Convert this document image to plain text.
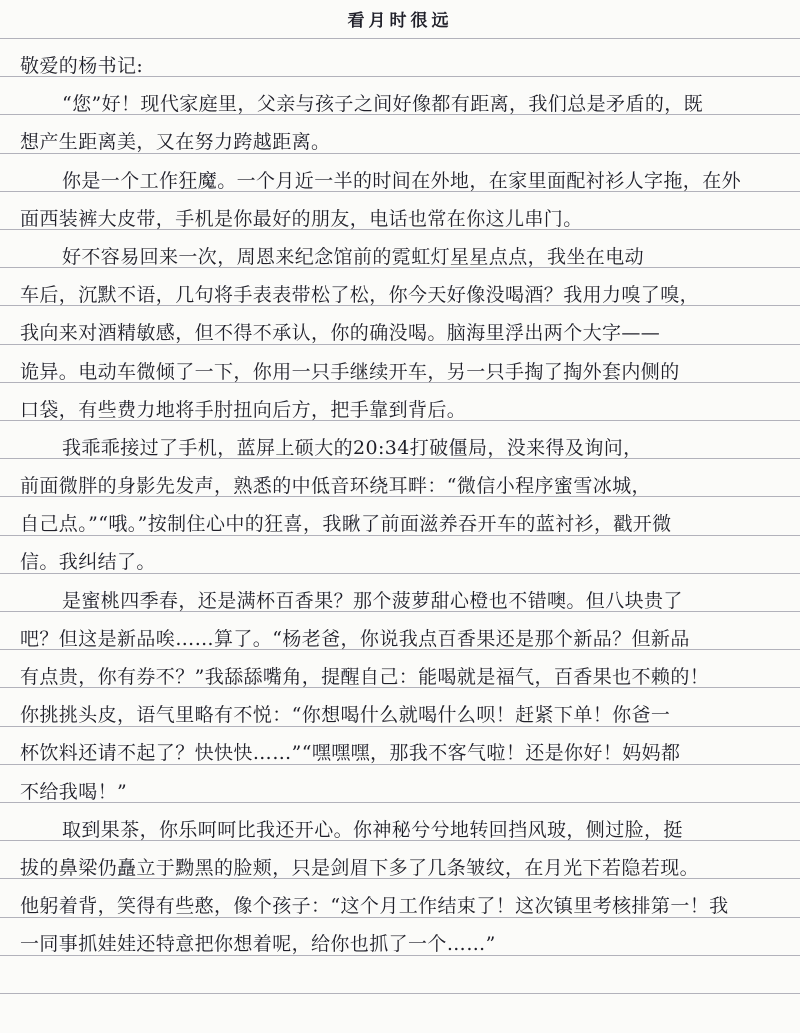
看月时很远
敬爱的杨书记:
“您”好！现代家庭里，父亲与孩子之间好像都有距离，我们总是矛盾的，既
想产生距离美，又在努力跨越距离。
你是一个工作狂魔。一个月近一半的时间在外地，在家里面配衬衫人字拖，在外
面西装裤大皮带，手机是你最好的朋友，电话也常在你这儿串门。
好不容易回来一次，周恩来纪念馆前的霓虹灯星星点点，我坐在电动
车后，沉默不语，几句将手表表带松了松，你今天好像没喝酒？我用力嗅了嗅，
我向来对酒精敏感，但不得不承认，你的确没喝。脑海里浮出两个大字——
诡异。电动车微倾了一下，你用一只手继续开车，另一只手掏了掏外套内侧的
口袋，有些费力地将手肘扭向后方，把手靠到背后。
我乖乖接过了手机，蓝屏上硕大的20:34打破僵局，没来得及询问，
前面微胖的身影先发声，熟悉的中低音环绕耳畔：“微信小程序蜜雪冰城，
自己点。”“哦。”按制住心中的狂喜，我瞅了前面滋养吞开车的蓝衬衫，戳开微
信。我纠结了。
是蜜桃四季春，还是满杯百香果？那个菠萝甜心橙也不错噢。但八块贵了
吧？但这是新品唉……算了。“杨老爸，你说我点百香果还是那个新品？但新品
有点贵，你有券不？”我舔舔嘴角，提醒自己：能喝就是福气，百香果也不赖的！
你挑挑头皮，语气里略有不悦：“你想喝什么就喝什么呗！赶紧下单！你爸一
杯饮料还请不起了？快快快……”“嘿嘿嘿，那我不客气啦！还是你好！妈妈都
不给我喝！”
取到果茶，你乐呵呵比我还开心。你神秘兮兮地转回挡风玻，侧过脸，挺
拔的鼻梁仍矗立于黝黑的脸颊，只是剑眉下多了几条皱纹，在月光下若隐若现。
他躬着背，笑得有些憨，像个孩子：“这个月工作结束了！这次镇里考核排第一！我
一同事抓娃娃还特意把你想着呢，给你也抓了一个……”
